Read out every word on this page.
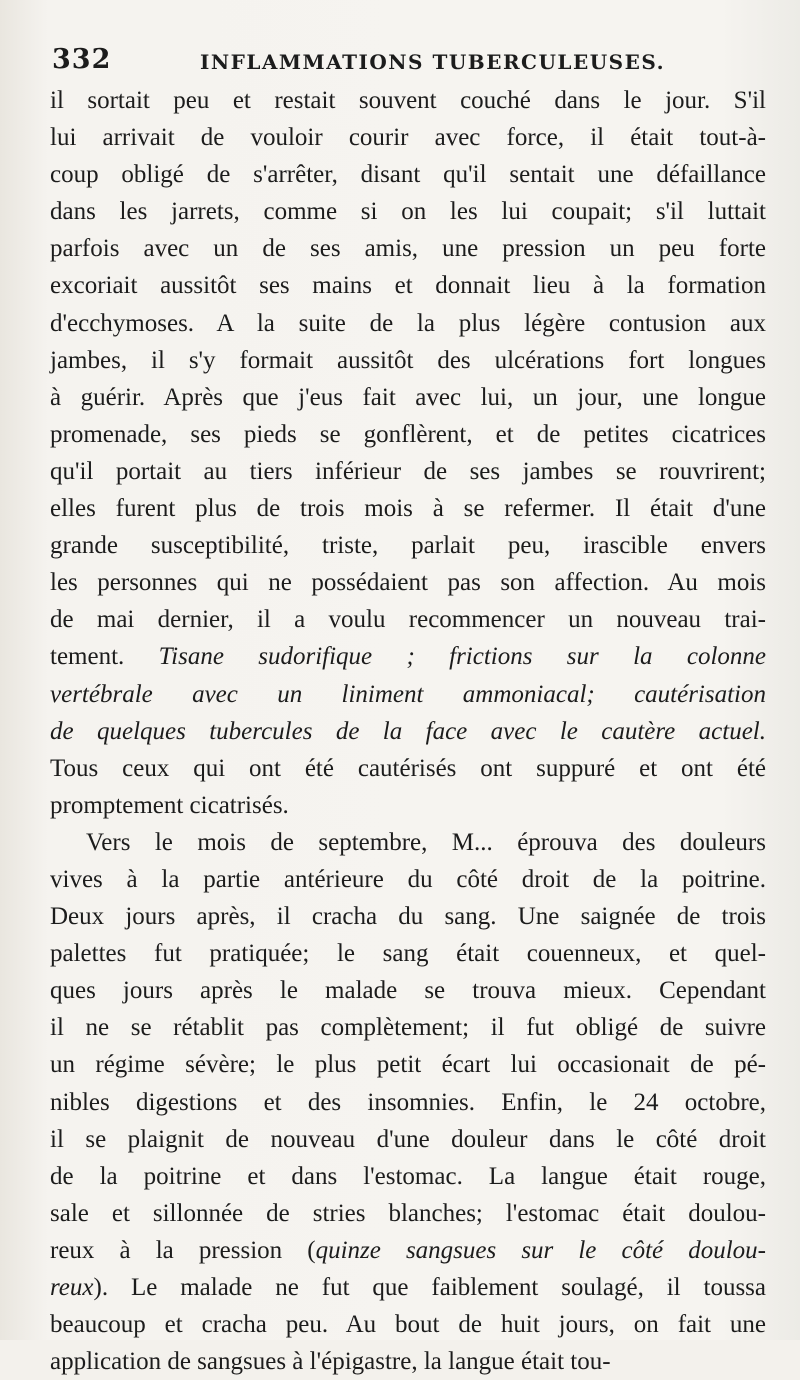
332	INFLAMMATIONS TUBERCULEUSES.
il sortait peu et restait souvent couché dans le jour. S'il
lui arrivait de vouloir courir avec force, il était tout-à-
coup obligé de s'arrêter, disant qu'il sentait une défaillance
dans les jarrets, comme si on les lui coupait; s'il luttait
parfois avec un de ses amis, une pression un peu forte
excoriait aussitôt ses mains et donnait lieu à la formation
d'ecchymoses. A la suite de la plus légère contusion aux
jambes, il s'y formait aussitôt des ulcérations fort longues
à guérir. Après que j'eus fait avec lui, un jour, une longue
promenade, ses pieds se gonflèrent, et de petites cicatrices
qu'il portait au tiers inférieur de ses jambes se rouvrirent;
elles furent plus de trois mois à se refermer. Il était d'une
grande susceptibilité, triste, parlait peu, irascible envers
les personnes qui ne possédaient pas son affection. Au mois
de mai dernier, il a voulu recommencer un nouveau trai-
tement. Tisane sudorifique ; frictions sur la colonne
vertébrale avec un liniment ammoniacal; cautérisation
de quelques tubercules de la face avec le cautère actuel.
Tous ceux qui ont été cautérisés ont suppuré et ont été
promptement cicatrisés.
Vers le mois de septembre, M... éprouva des douleurs
vives à la partie antérieure du côté droit de la poitrine.
Deux jours après, il cracha du sang. Une saignée de trois
palettes fut pratiquée; le sang était couenneux, et quel-
ques jours après le malade se trouva mieux. Cependant
il ne se rétablit pas complètement; il fut obligé de suivre
un régime sévère; le plus petit écart lui occasionait de pé-
nibles digestions et des insomnies. Enfin, le 24 octobre,
il se plaignit de nouveau d'une douleur dans le côté droit
de la poitrine et dans l'estomac. La langue était rouge,
sale et sillonnée de stries blanches; l'estomac était doulou-
reux à la pression (quinze sangsues sur le côté doulou-
reux). Le malade ne fut que faiblement soulagé, il toussa
beaucoup et cracha peu. Au bout de huit jours, on fait une
application de sangsues à l'épigastre, la langue était tou-
